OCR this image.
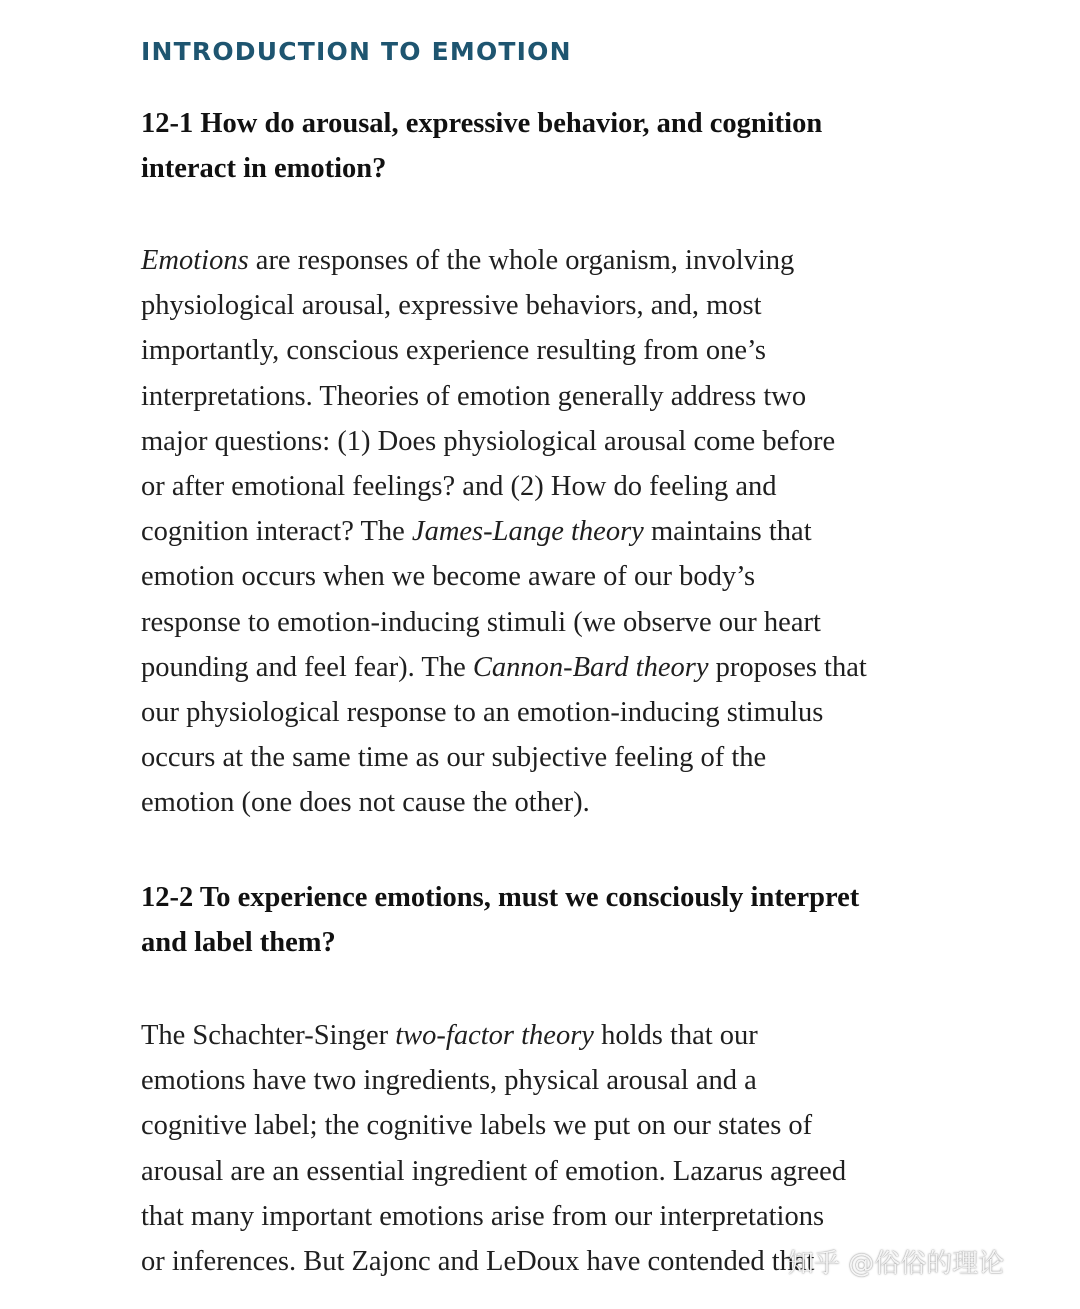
INTRODUCTION TO EMOTION
12-1 How do arousal, expressive behavior, and cognition
interact in emotion?
Emotions are responses of the whole organism, involving
physiological arousal, expressive behaviors, and, most
importantly, conscious experience resulting from one’s
interpretations. Theories of emotion generally address two
major questions: (1) Does physiological arousal come before
or after emotional feelings? and (2) How do feeling and
cognition interact? The James-Lange theory maintains that
emotion occurs when we become aware of our body’s
response to emotion-inducing stimuli (we observe our heart
pounding and feel fear). The Cannon-Bard theory proposes that
our physiological response to an emotion-inducing stimulus
occurs at the same time as our subjective feeling of the
emotion (one does not cause the other).
12-2 To experience emotions, must we consciously interpret
and label them?
The Schachter-Singer two-factor theory holds that our
emotions have two ingredients, physical arousal and a
cognitive label; the cognitive labels we put on our states of
arousal are an essential ingredient of emotion. Lazarus agreed
that many important emotions arise from our interpretations
or inferences. But Zajonc and LeDoux have contended that
知乎 @俗俗的理论
